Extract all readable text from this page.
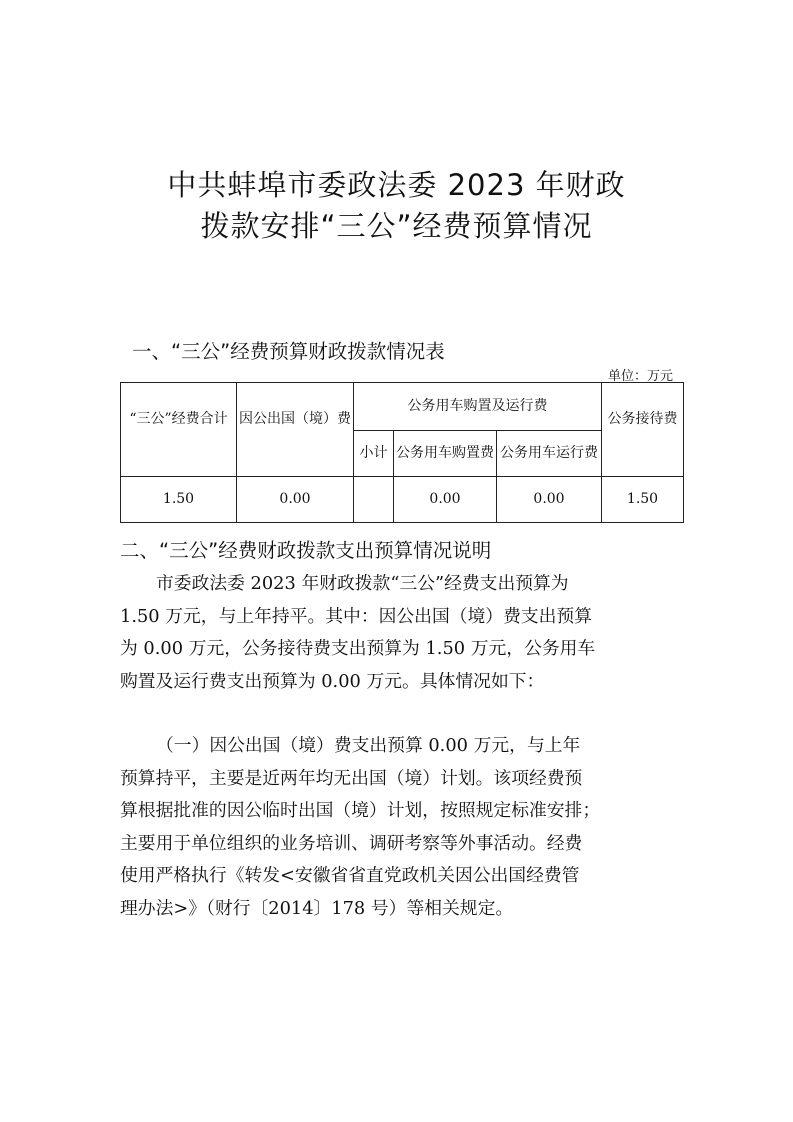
中共蚌埠市委政法委 2023 年财政
拨款安排“三公”经费预算情况
一、“三公”经费预算财政拨款情况表
单位：万元
“三公”经费合计	因公出国（境）费	公务用车购置及运行费			公务接待费
		小计	公务用车购置费	公务用车运行费	
1.50	0.00		0.00	0.00	1.50
二、“三公”经费财政拨款支出预算情况说明

市委政法委 2023 年财政拨款“三公”经费支出预算为
1.50 万元，与上年持平。其中：因公出国（境）费支出预算
为 0.00 万元，公务接待费支出预算为 1.50 万元，公务用车
购置及运行费支出预算为 0.00 万元。具体情况如下：

（一）因公出国（境）费支出预算 0.00 万元，与上年
预算持平，主要是近两年均无出国（境）计划。该项经费预
算根据批准的因公临时出国（境）计划，按照规定标准安排；
主要用于单位组织的业务培训、调研考察等外事活动。经费
使用严格执行《转发<安徽省省直党政机关因公出国经费管
理办法>》（财行〔2014〕178 号）等相关规定。
